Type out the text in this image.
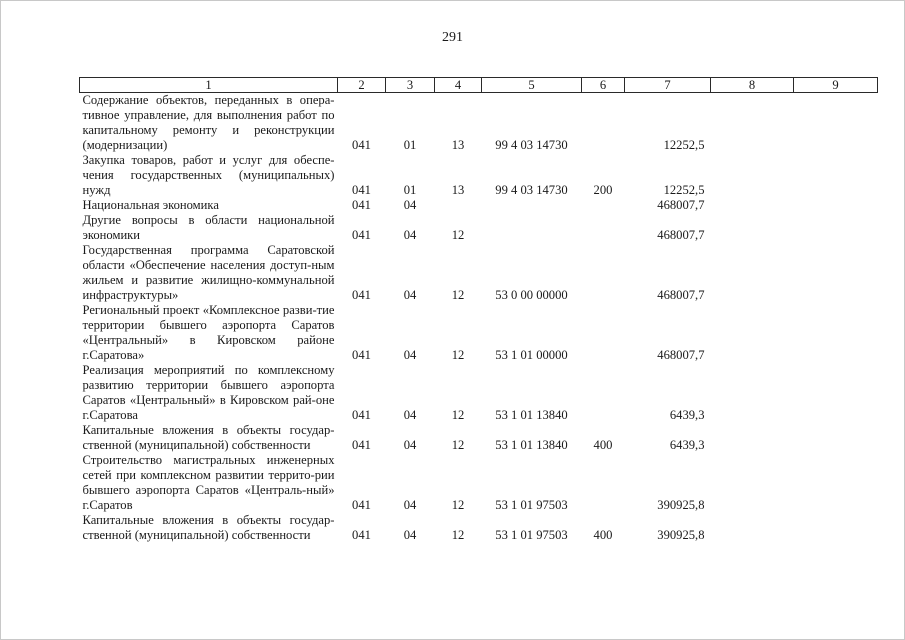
291
1	2	3	4	5	6	7	8	9
Содержание объектов, переданных в опера-тивное управление, для выполнения работ по капитальному ремонту и реконструкции (модернизации)	041	01	13	99 4 03 14730		12252,5		
Закупка товаров, работ и услуг для обеспе-чения государственных (муниципальных) нужд	041	01	13	99 4 03 14730	200	12252,5		
Национальная экономика	041	04				468007,7		
Другие вопросы в области национальной экономики	041	04	12			468007,7		
Государственная программа Саратовской области «Обеспечение населения доступ-ным жильем и развитие жилищно-коммунальной инфраструктуры»	041	04	12	53 0 00 00000		468007,7		
Региональный проект «Комплексное разви-тие территории бывшего аэропорта Саратов «Центральный» в Кировском районе г.Саратова»	041	04	12	53 1 01 00000		468007,7		
Реализация мероприятий по комплексному развитию территории бывшего аэропорта Саратов «Центральный» в Кировском рай-оне г.Саратова	041	04	12	53 1 01 13840		6439,3		
Капитальные вложения в объекты государ-ственной (муниципальной) собственности	041	04	12	53 1 01 13840	400	6439,3		
Строительство магистральных инженерных сетей при комплексном развитии террито-рии бывшего аэропорта Саратов «Централь-ный» г.Саратов	041	04	12	53 1 01 97503		390925,8		
Капитальные вложения в объекты государ-ственной (муниципальной) собственности	041	04	12	53 1 01 97503	400	390925,8		
